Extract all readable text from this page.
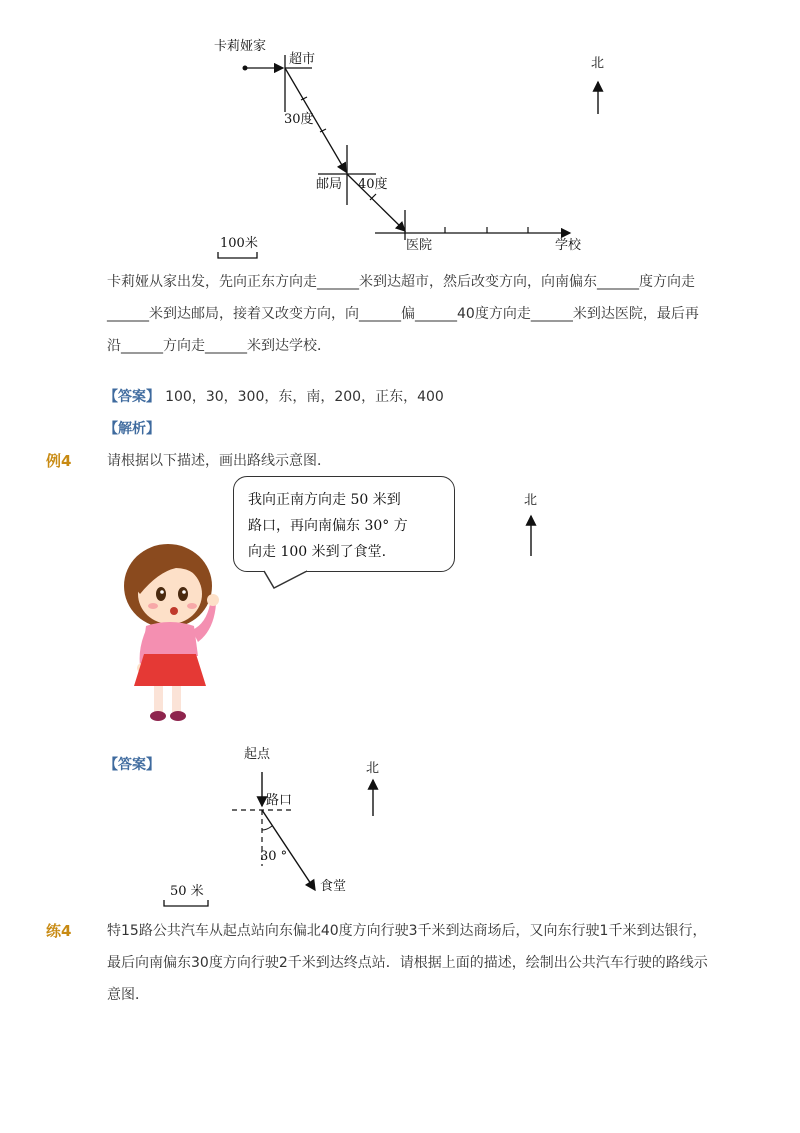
卡莉娅家
超市
30度
邮局 40度
医院	学校
北
100米
卡莉娅从家出发，先向正东方向走______米到达超市，然后改变方向，向南偏东______度方向走
______米到达邮局，接着又改变方向，向______偏______40度方向走______米到达医院，最后再
沿______方向走______米到达学校．
【答案】 100，30，300，东，南，200，正东，400
【解析】
例4	请根据以下描述，画出路线示意图．
我向正南方向走 50 米到
路口，再向南偏东 30° 方
向走 100 米到了食堂.
北
【答案】
起点
路口
30 °
食堂
北
50 米
练4	特15路公共汽车从起点站向东偏北40度方向行驶3千米到达商场后，又向东行驶1千米到达银行，
最后向南偏东30度方向行驶2千米到达终点站．请根据上面的描述，绘制出公共汽车行驶的路线示
意图．
